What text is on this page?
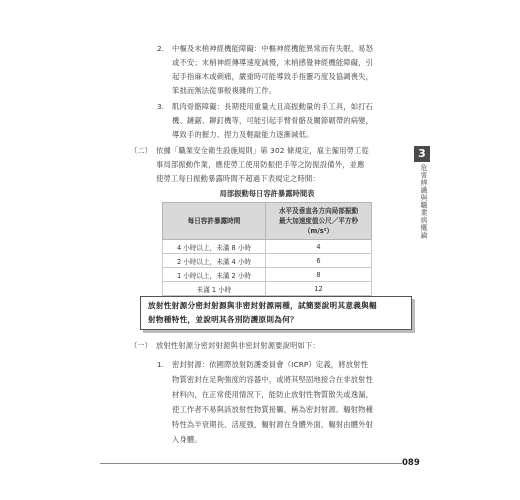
2. 中樞及末梢神經機能障礙：中樞神經機能異常而有失眠、易怒
或不安；末梢神經傳導速度減慢，末梢感覺神經機能障礙，引
起手指麻木或刺痛，嚴重時可能導致手指靈巧度及協調喪失，
笨拙而無法從事較複雜的工作。
3. 肌肉骨骼障礙：長期使用重量大且高振動量的手工具，如打石
機、鏈鋸、鉚釘機等，可能引起手臂骨骼及關節韌帶的病變，
導致手的握力、捏力及輕敲能力逐漸減低。
（二） 依據「職業安全衛生設施規則」第 302 條規定，雇主僱用勞工從
事局部振動作業，應使勞工使用防振把手等之防振設備外，並應
使勞工每日振動暴露時間不超過下表規定之時間：
3
危害辨識與職業病概論
局部振動每日容許暴露時間表
每日容許暴露時間	水平及垂直各方向局部振動
最大加速度值公尺／平方秒（m/s²）

4 小時以上，未滿 8 小時	4
2 小時以上，未滿 4 小時	6
1 小時以上，未滿 2 小時	8
未滿 1 小時	12
放射性射源分密封射源與非密封射源兩種，試簡要說明其意義與輻
射物種特性，並說明其各別防護原則為何？
（一） 放射性射源分密封射源與非密封射源要說明如下：
1. 密封射源：依國際放射防護委員會（ICRP）定義，將放射性
物質密封在足夠強度的容器中，或將其堅固地接合在非放射性
材料內，在正常使用情況下，能防止放射性物質散失或逸漏，
使工作者不易與該放射性物質接觸，稱為密封射源。輻射物種
特性為半衰期長、活度強，輻射源在身體外面，輻射由體外射
入身體。
089
